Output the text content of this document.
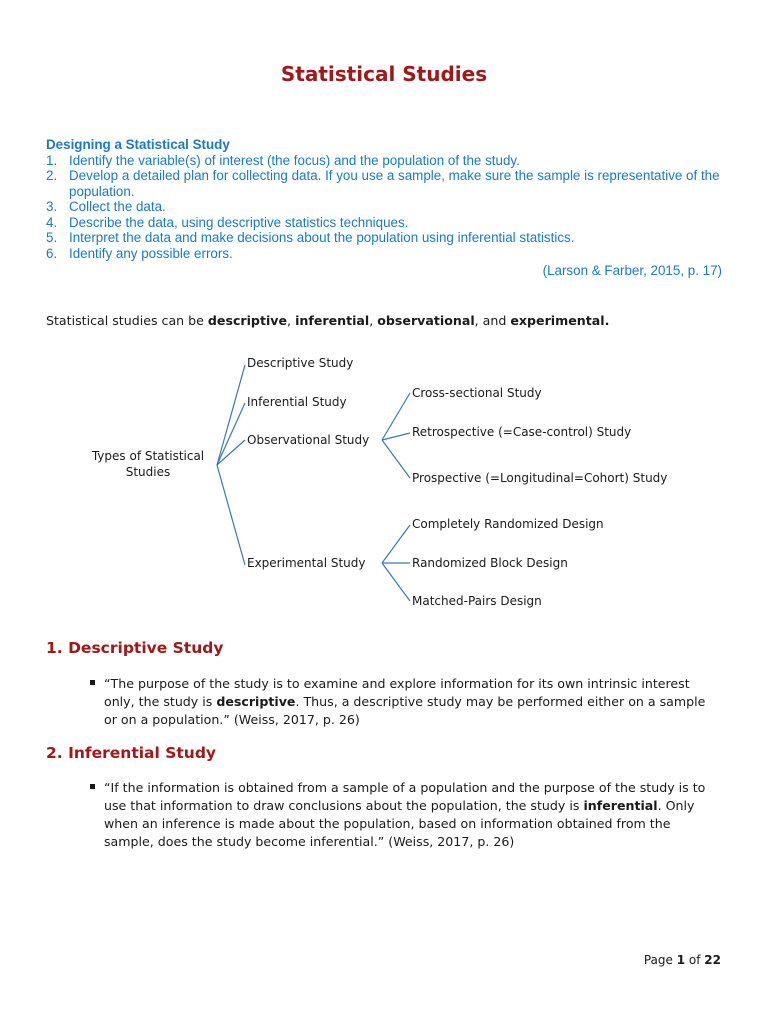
Statistical Studies
Designing a Statistical Study
1. Identify the variable(s) of interest (the focus) and the population of the study.
2. Develop a detailed plan for collecting data. If you use a sample, make sure the sample is representative of the population.
3. Collect the data.
4. Describe the data, using descriptive statistics techniques.
5. Interpret the data and make decisions about the population using inferential statistics.
6. Identify any possible errors.
(Larson & Farber, 2015, p. 17)
Statistical studies can be descriptive, inferential, observational, and experimental.
Types of Statistical Studies
Descriptive Study
Inferential Study
Observational Study
Experimental Study
Cross-sectional Study
Retrospective (=Case-control) Study
Prospective (=Longitudinal=Cohort) Study
Completely Randomized Design
Randomized Block Design
Matched-Pairs Design
1. Descriptive Study
“The purpose of the study is to examine and explore information for its own intrinsic interest only, the study is descriptive. Thus, a descriptive study may be performed either on a sample or on a population.” (Weiss, 2017, p. 26)
2. Inferential Study
“If the information is obtained from a sample of a population and the purpose of the study is to use that information to draw conclusions about the population, the study is inferential. Only when an inference is made about the population, based on information obtained from the sample, does the study become inferential.” (Weiss, 2017, p. 26)
Page 1 of 22
